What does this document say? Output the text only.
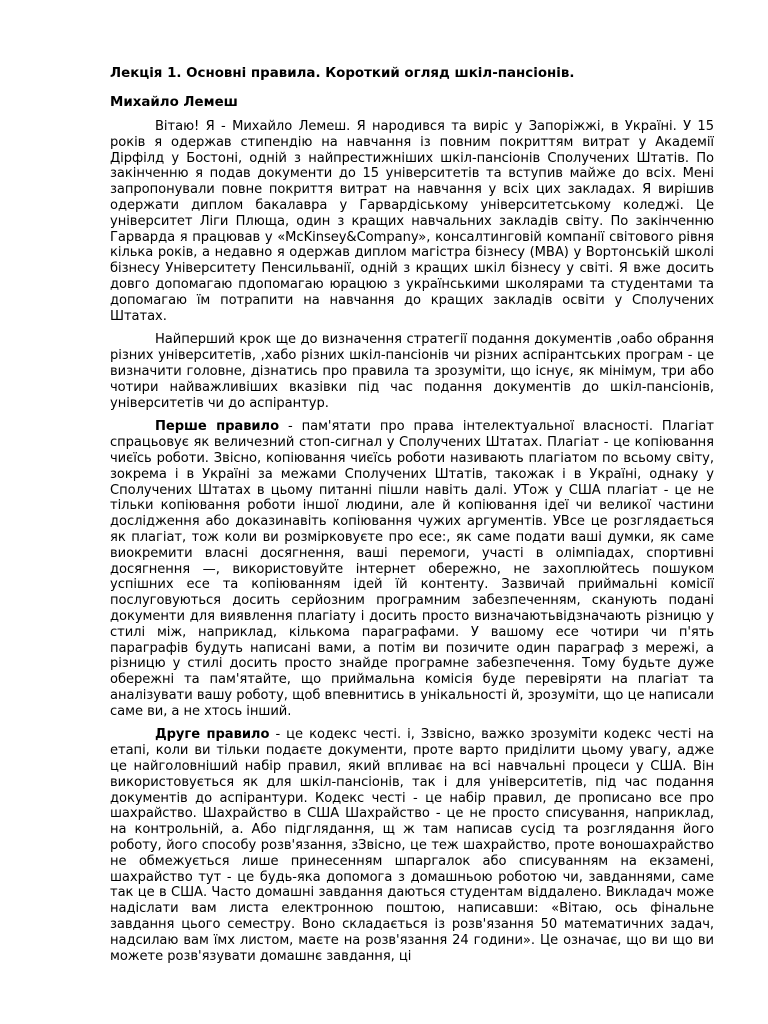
Лекція 1. Основні правила. Короткий огляд шкіл-пансіонів.
Михайло Лемеш

Вітаю! Я - Михайло Лемеш. Я народився та виріс у Запоріжжі, в Україні. У 15 років я одержав стипендію на навчання із повним покриттям витрат у Академії Дірфілд у Бостоні, одній з найпрестижніших шкіл-пансіонів Сполучених Штатів. По закінченню я подав документи до 15 університетів та вступив майже до всіх. Мені запропонували повне покриття витрат на навчання у всіх цих закладах. Я вирішив одержати диплом бакалавра у Гарвардіському університетському коледжі. Це університет Ліги Плюща, один з кращих навчальних закладів світу. По закінченню Гарварда я працював у «McKinsey&Company», консалтинговій компанії світового рівня кілька років, а недавно я одержав диплом магістра бізнесу (МВА) у Вортонській школі бізнесу Університету Пенсильванії, одній з кращих шкіл бізнесу у світі. Я вже досить довго допомагаю пдопомагаю юрацюю з українськими школярами та студентами та допомагаю їм потрапити на навчання до кращих закладів освіти у Сполучених Штатах.

Найперший крок ще до визначення стратегії подання документів ,оабо обрання різних університетів, ,хабо різних шкіл-пансіонів чи різних аспірантських програм - це визначити головне, дізнатись про правила та зрозуміти, що існує, як мінімум, три або чотири найважливіших вказівки під час подання документів до шкіл-пансіонів, університетів чи до аспірантур.

Перше правило - пам'ятати про права інтелектуальної власності. Плагіат спрацьовує як величезний стоп-сигнал у Сполучених Штатах. Плагіат - це копіювання чиєїсь роботи. Звісно, копіювання чиєїсь роботи називають плагіатом по всьому світу, зокрема і в Україні за межами Сполучених Штатів, такожак і в Україні, однаку у Сполучених Штатах в цьому питанні пішли навіть далі. УТож у США плагіат - це не тільки копіювання роботи іншої людини, але й копіювання ідеї чи великої частини дослідження або доказинавіть копіювання чужих аргументів. УВсе це розглядається як плагіат, тож коли ви розмірковуєте про есе:, як саме подати ваші думки, як саме виокремити власні досягнення, ваші перемоги, участі в олімпіадах, спортивні досягнення —, використовуйте інтернет обережно, не захоплюйтесь пошуком успішних есе та копіюванням ідей їй контенту. Зазвичай приймальні комісії послуговуються досить серйозним програмним забезпеченням, сканують подані документи для виявлення плагіату і досить просто визначаютьвідзначають різницю у стилі між, наприклад, кількома параграфами. У вашому есе чотири чи п'ять параграфів будуть написані вами, а потім ви позичите один параграф з мережі, а різницю у стилі досить просто знайде програмне забезпечення. Тому будьте дуже обережні та пам'ятайте, що приймальна комісія буде перевіряти на плагіат та аналізувати вашу роботу, щоб впевнитись в унікальності й, зрозуміти, що це написали саме ви, а не хтось інший.

Друге правило - це кодекс честі. і, Ззвісно, важко зрозуміти кодекс честі на етапі, коли ви тільки подаєте документи, проте варто приділити цьому увагу, адже це найголовніший набір правил, який впливає на всі навчальні процеси у США. Він використовується як для шкіл-пансіонів, так і для університетів, під час подання документів до аспірантури. Кодекс честі - це набір правил, де прописано все про шахрайство. Шахрайство в США Шахрайство - це не просто списування, наприклад, на контрольній, а. Або підглядання, щ ж там написав сусід та розглядання його роботу, його способу розв'язання, зЗвісно, це теж шахрайство, проте вонoшахрайство не обмежується лише принесенням шпаргалок або списуванням на екзамені, шахрайство тут - це будь-яка допомога з домашньою роботою чи, завданнями, саме так це в США. Часто домашні завдання даються студентам віддалено. Викладач може надіслати вам листа електронною поштою, написавши: «Вітаю, ось фінальне завдання цього семестру. Воно складається із розв'язання 50 математичних задач, надсилаю вам їмх листом, маєте на розв'язання 24 години». Це означає, що ви що ви можете розв'язувати домашнє завдання, ці
